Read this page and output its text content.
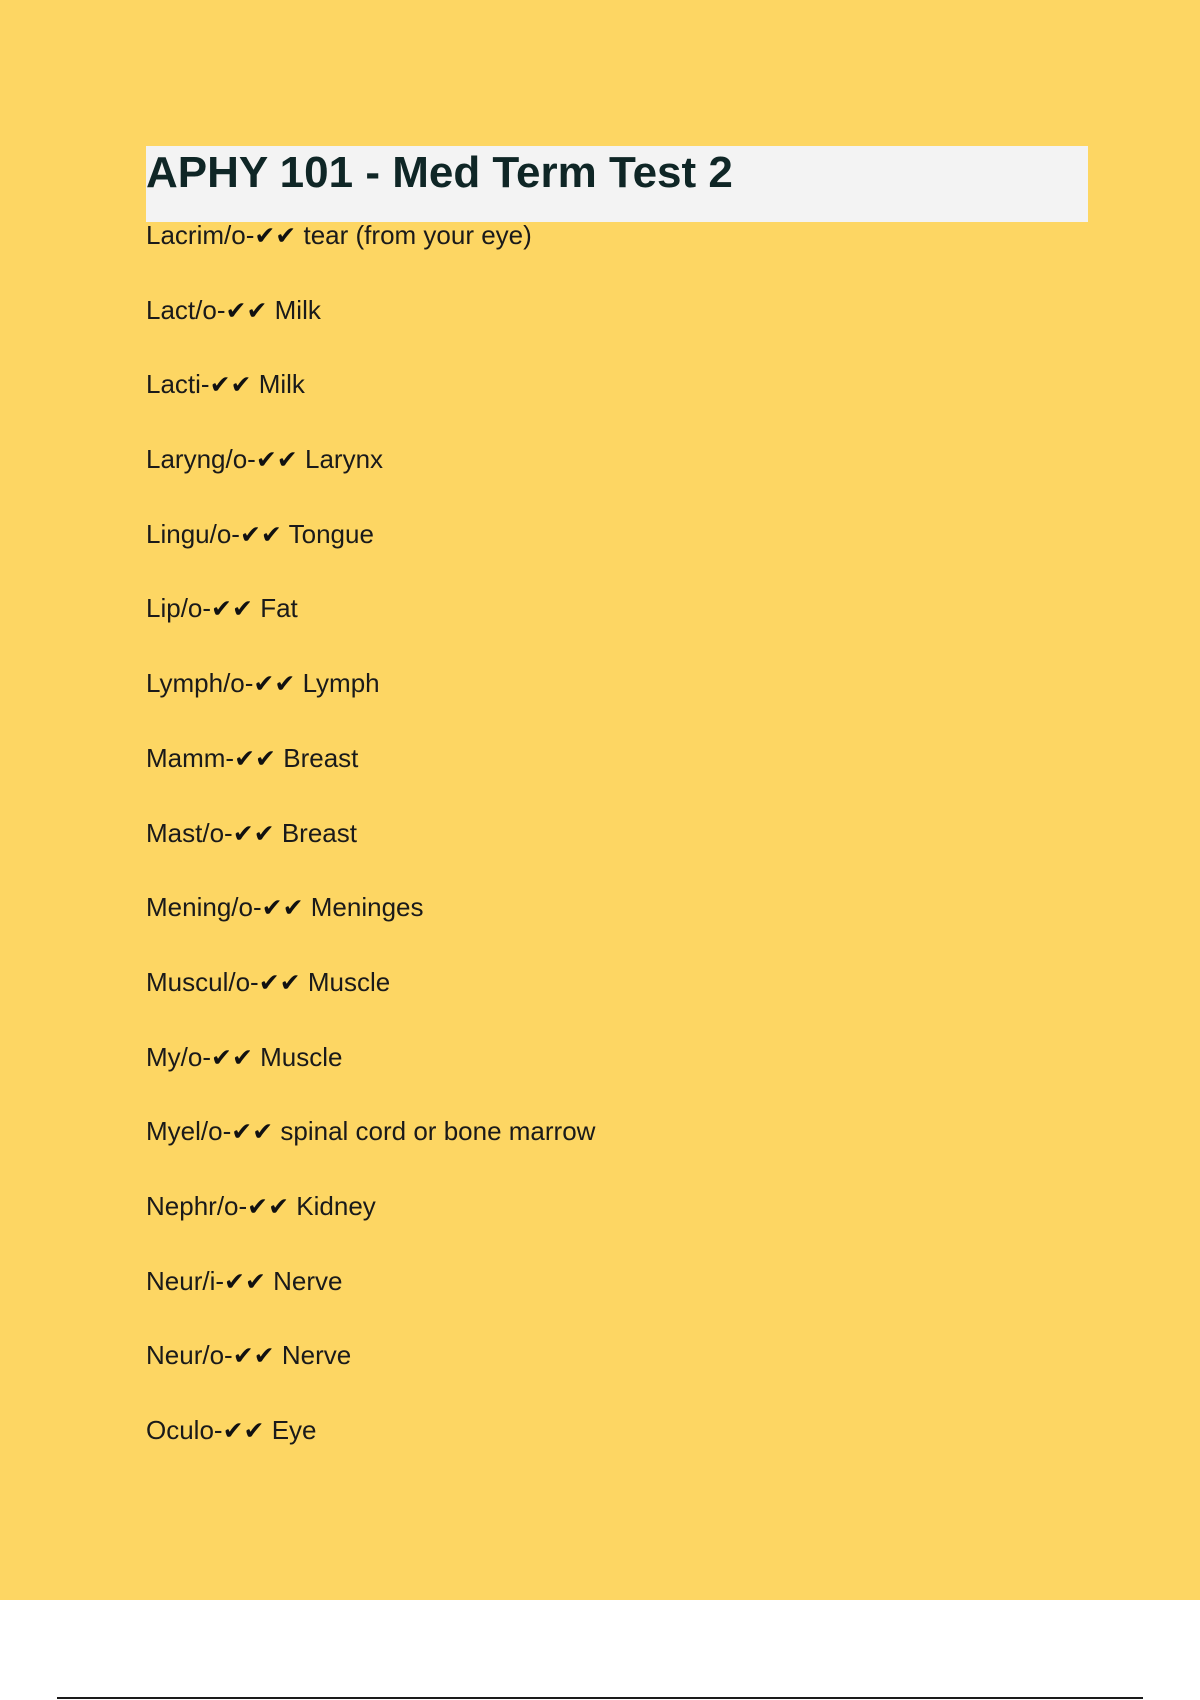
APHY 101 - Med Term Test 2
Lacrim/o-✔✔ tear (from your eye)
Lact/o-✔✔ Milk
Lacti-✔✔ Milk
Laryng/o-✔✔ Larynx
Lingu/o-✔✔ Tongue
Lip/o-✔✔ Fat
Lymph/o-✔✔ Lymph
Mamm-✔✔ Breast
Mast/o-✔✔ Breast
Mening/o-✔✔ Meninges
Muscul/o-✔✔ Muscle
My/o-✔✔ Muscle
Myel/o-✔✔ spinal cord or bone marrow
Nephr/o-✔✔ Kidney
Neur/i-✔✔ Nerve
Neur/o-✔✔ Nerve
Oculo-✔✔ Eye
